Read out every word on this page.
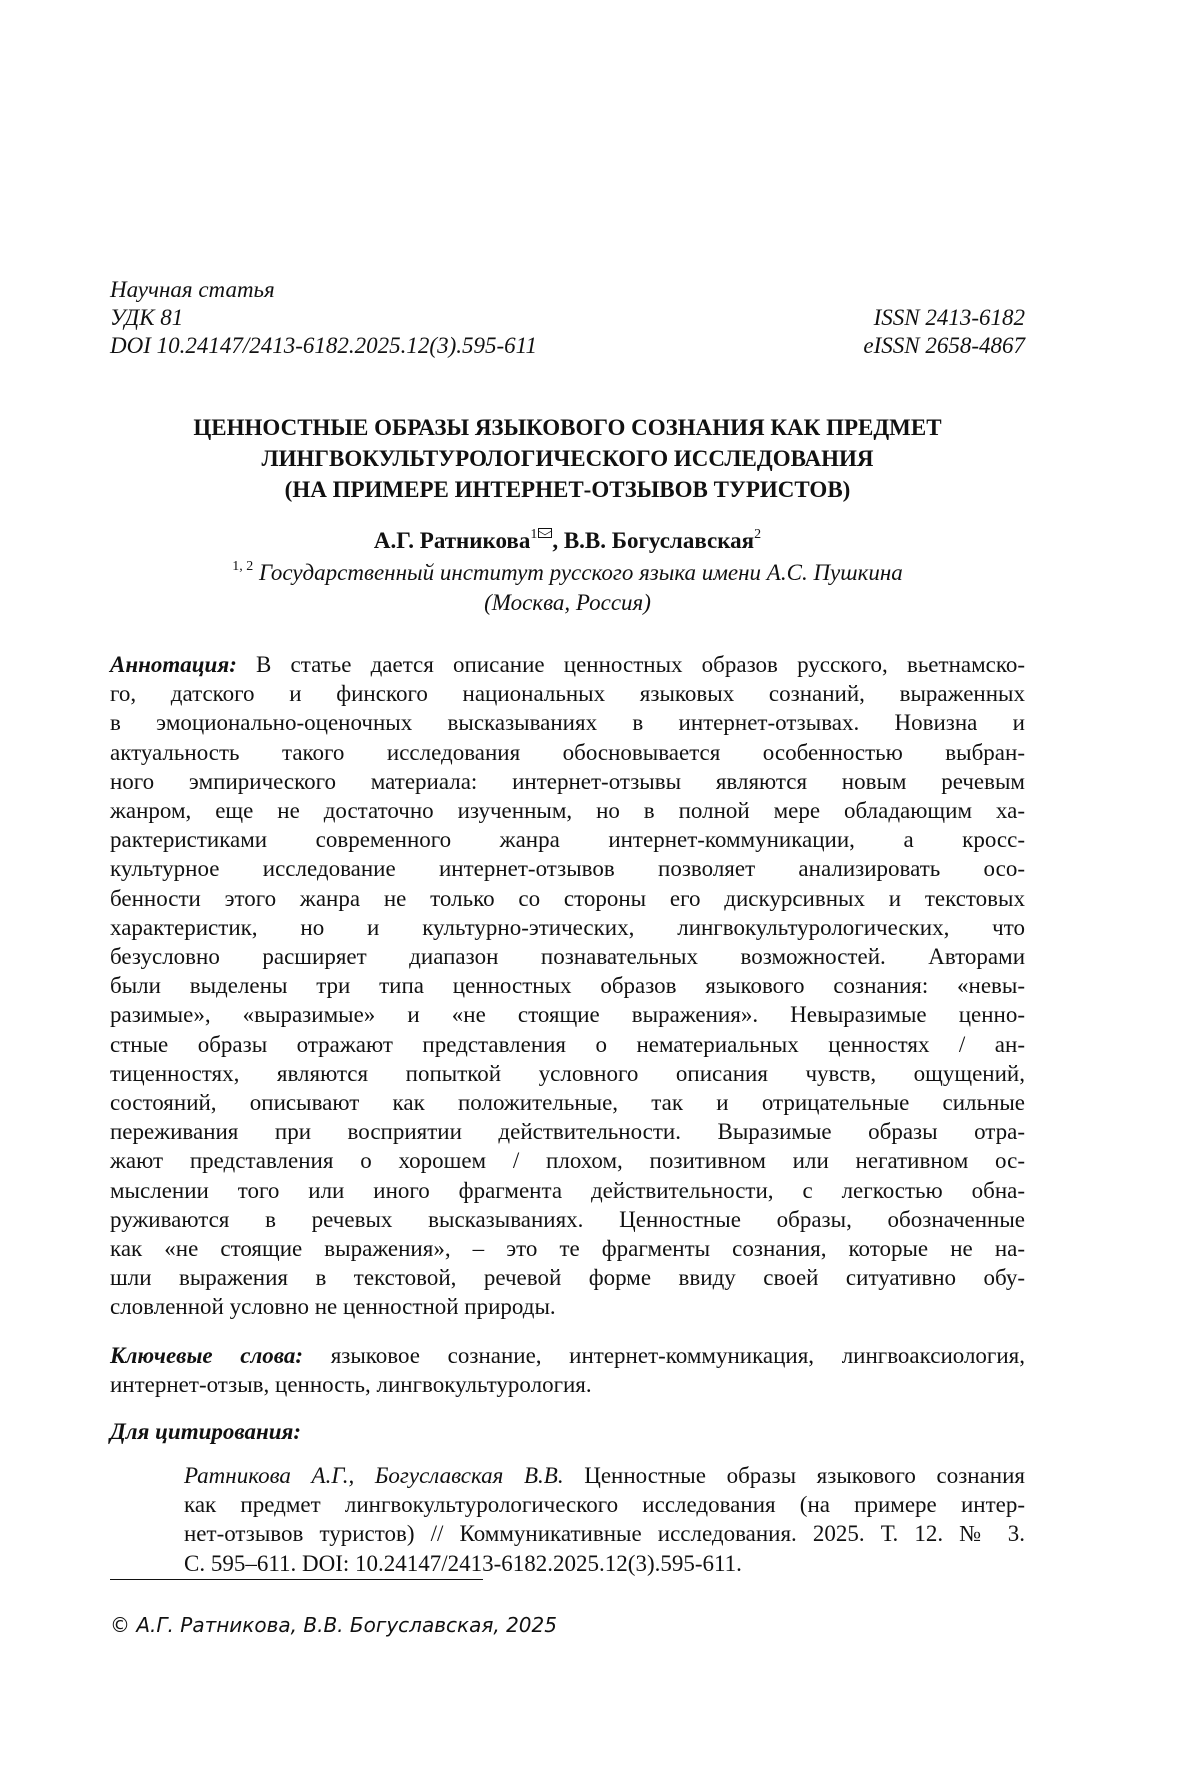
Научная статья
УДК 81	ISSN 2413-6182
DOI 10.24147/2413-6182.2025.12(3).595-611	eISSN 2658-4867
ЦЕННОСТНЫЕ ОБРАЗЫ ЯЗЫКОВОГО СОЗНАНИЯ КАК ПРЕДМЕТ
ЛИНГВОКУЛЬТУРОЛОГИЧЕСКОГО ИССЛЕДОВАНИЯ
(НА ПРИМЕРЕ ИНТЕРНЕТ-ОТЗЫВОВ ТУРИСТОВ)
А.Г. Ратникова$^1$ , В.В. Богуславская$^2$
$^{1, 2}$ Государственный институт русского языка имени А.С. Пушкина
(Москва, Россия)
Аннотация: В статье дается описание ценностных образов русского, вьетнамско-
го, датского и финского национальных языковых сознаний, выраженных
в эмоционально-оценочных высказываниях в интернет-отзывах. Новизна и
актуальность такого исследования обосновывается особенностью выбран-
ного эмпирического материала: интернет-отзывы являются новым речевым
жанром, еще не достаточно изученным, но в полной мере обладающим ха-
рактеристиками современного жанра интернет-коммуникации, а кросс-
культурное исследование интернет-отзывов позволяет анализировать осо-
бенности этого жанра не только со стороны его дискурсивных и текстовых
характеристик, но и культурно-этических, лингвокультурологических, что
безусловно расширяет диапазон познавательных возможностей. Авторами
были выделены три типа ценностных образов языкового сознания: «невы-
разимые», «выразимые» и «не стоящие выражения». Невыразимые ценно-
стные образы отражают представления о нематериальных ценностях / ан-
тиценностях, являются попыткой условного описания чувств, ощущений,
состояний, описывают как положительные, так и отрицательные сильные
переживания при восприятии действительности. Выразимые образы отра-
жают представления о хорошем / плохом, позитивном или негативном ос-
мыслении того или иного фрагмента действительности, с легкостью обна-
руживаются в речевых высказываниях. Ценностные образы, обозначенные
как «не стоящие выражения», – это те фрагменты сознания, которые не на-
шли выражения в текстовой, речевой форме ввиду своей ситуативно обу-
словленной условно не ценностной природы.
Ключевые слова: языковое сознание, интернет-коммуникация, лингвоаксиология,
интернет-отзыв, ценность, лингвокультурология.
Для цитирования:
Ратникова А.Г., Богуславская В.В. Ценностные образы языкового сознания
как предмет лингвокультурологического исследования (на примере интер-
нет-отзывов туристов) // Коммуникативные исследования. 2025. Т. 12. № 3.
С. 595–611. DOI: 10.24147/2413-6182.2025.12(3).595-611.
© А.Г. Ратникова, В.В. Богуславская, 2025
